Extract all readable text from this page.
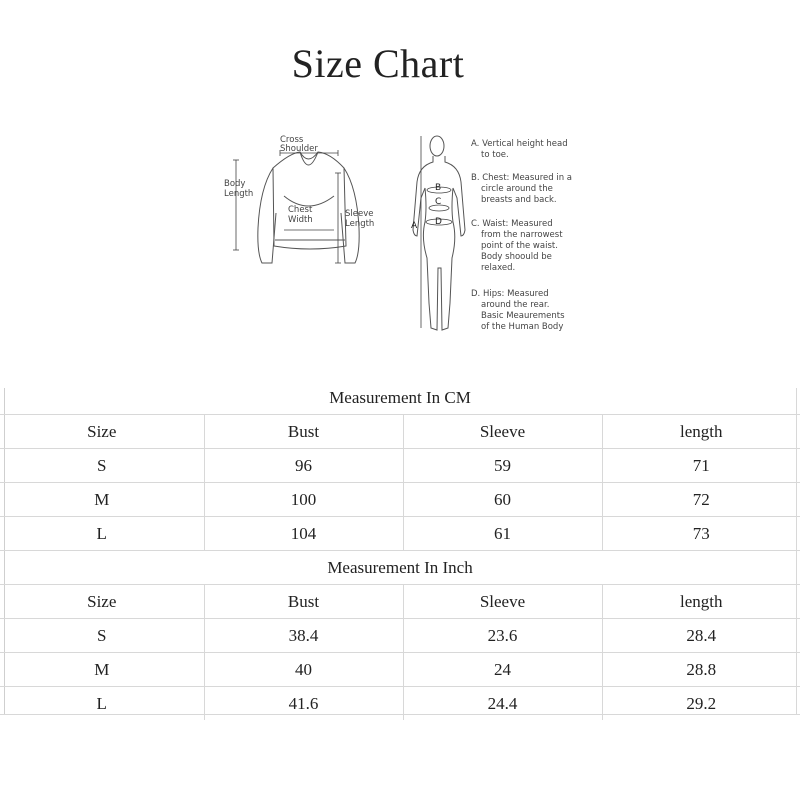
Size Chart
Cross
Shoulder
Body
Length
Chest
Width
Sleeve
Length	A
B
C
D
A. Vertical height head
to toe.
B. Chest: Measured in a
circle around the
breasts and back.
C. Waist: Measured
from the narrowest
point of the waist.
Body shoould be
relaxed.
D. Hips: Measured
around the rear.
Basic Meaurements
of the Human Body
Measurement In CM			
Size	Bust	Sleeve	length
S	96	59	71
M	100	60	72
L	104	61	73
Measurement In Inch			
Size	Bust	Sleeve	length
S	38.4	23.6	28.4
M	40	24	28.8
L	41.6	24.4	29.2
